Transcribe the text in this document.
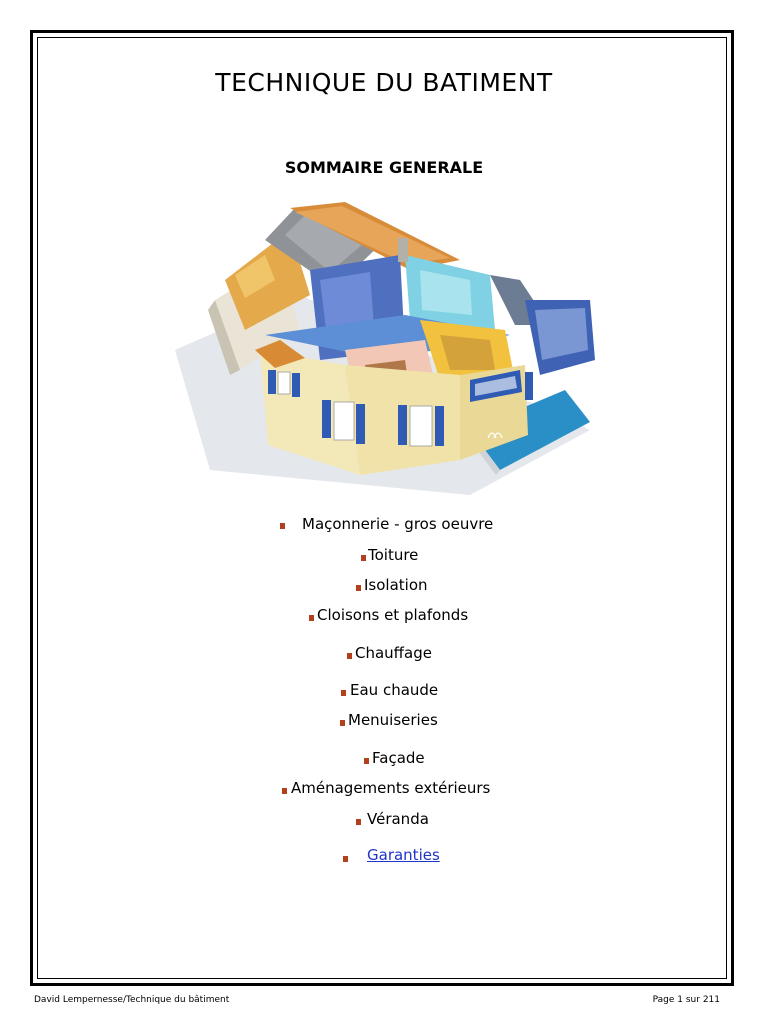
TECHNIQUE DU BATIMENT
SOMMAIRE GENERALE
Maçonnerie - gros oeuvre
Toiture
Isolation
Cloisons et plafonds
Chauffage
Eau chaude
Menuiseries
Façade
Aménagements extérieurs
Véranda
Garanties
David Lempernesse/Technique du bâtiment	Page 1 sur 211
